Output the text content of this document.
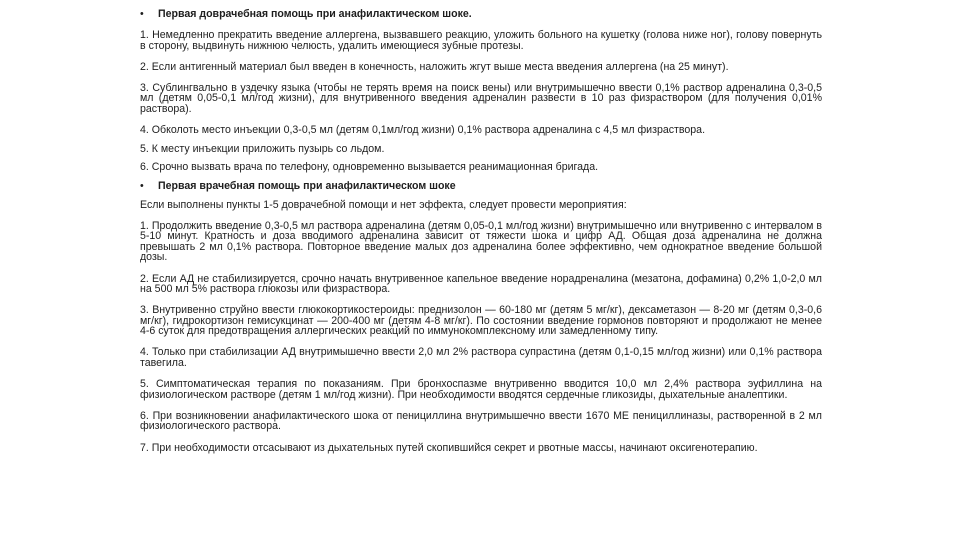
• Первая доврачебная помощь при анафилактическом шоке.

1. Немедленно прекратить введение аллергена, вызвавшего реакцию, уложить больного на кушетку (голова ниже ног), голову повернуть в сторону, выдвинуть нижнюю челюсть, удалить имеющиеся зубные протезы.

2. Если антигенный материал был введен в конечность, наложить жгут выше места введения аллергена (на 25 минут).

3. Сублингвально в уздечку языка (чтобы не терять время на поиск вены) или внутримышечно ввести 0,1% раствор адреналина 0,3-0,5 мл (детям 0,05-0,1 мл/год жизни), для внутривенного введения адреналин развести в 10 раз физраствором (для получения 0,01% раствора).

4. Обколоть место инъекции 0,3-0,5 мл (детям 0,1мл/год жизни) 0,1% раствора адреналина с 4,5 мл физраствора.

5. К месту инъекции приложить пузырь со льдом.

6. Срочно вызвать врача по телефону, одновременно вызывается реанимационная бригада.

• Первая врачебная помощь при анафилактическом шоке

Если выполнены пункты 1-5 доврачебной помощи и нет эффекта, следует провести мероприятия:

1. Продолжить введение 0,3-0,5 мл раствора адреналина (детям 0,05-0,1 мл/год жизни) внутримышечно или внутривенно с интервалом в 5-10 минут. Кратность и доза вводимого адреналина зависит от тяжести шока и цифр АД. Общая доза адреналина не должна превышать 2 мл 0,1% раствора. Повторное введение малых доз адреналина более эффективно, чем однократное введение большой дозы.

2. Если АД не стабилизируется, срочно начать внутривенное капельное введение норадреналина (мезатона, дофамина) 0,2% 1,0-2,0 мл на 500 мл 5% раствора глюкозы или физраствора.

3. Внутривенно струйно ввести глюкокортикостероиды: преднизолон — 60-180 мг (детям 5 мг/кг), дексаметазон — 8-20 мг (детям 0,3-0,6 мг/кг), гидрокортизон гемисукцинат — 200-400 мг (детям 4-8 мг/кг). По состоянии введение гормонов повторяют и продолжают не менее 4-6 суток для предотвращения аллергических реакций по иммунокомплексному или замедленному типу.

4. Только при стабилизации АД внутримышечно ввести 2,0 мл 2% раствора супрастина (детям 0,1-0,15 мл/год жизни) или 0,1% раствора тавегила.

5. Симптоматическая терапия по показаниям. При бронхоспазме внутривенно вводится 10,0 мл 2,4% раствора эуфиллина на физиологическом растворе (детям 1 мл/год жизни). При необходимости вводятся сердечные гликозиды, дыхательные аналептики.

6. При возникновении анафилактического шока от пенициллина внутримышечно ввести 1670 МЕ пенициллиназы, растворенной в 2 мл физиологического раствора.

7. При необходимости отсасывают из дыхательных путей скопившийся секрет и рвотные массы, начинают оксигенотерапию.
